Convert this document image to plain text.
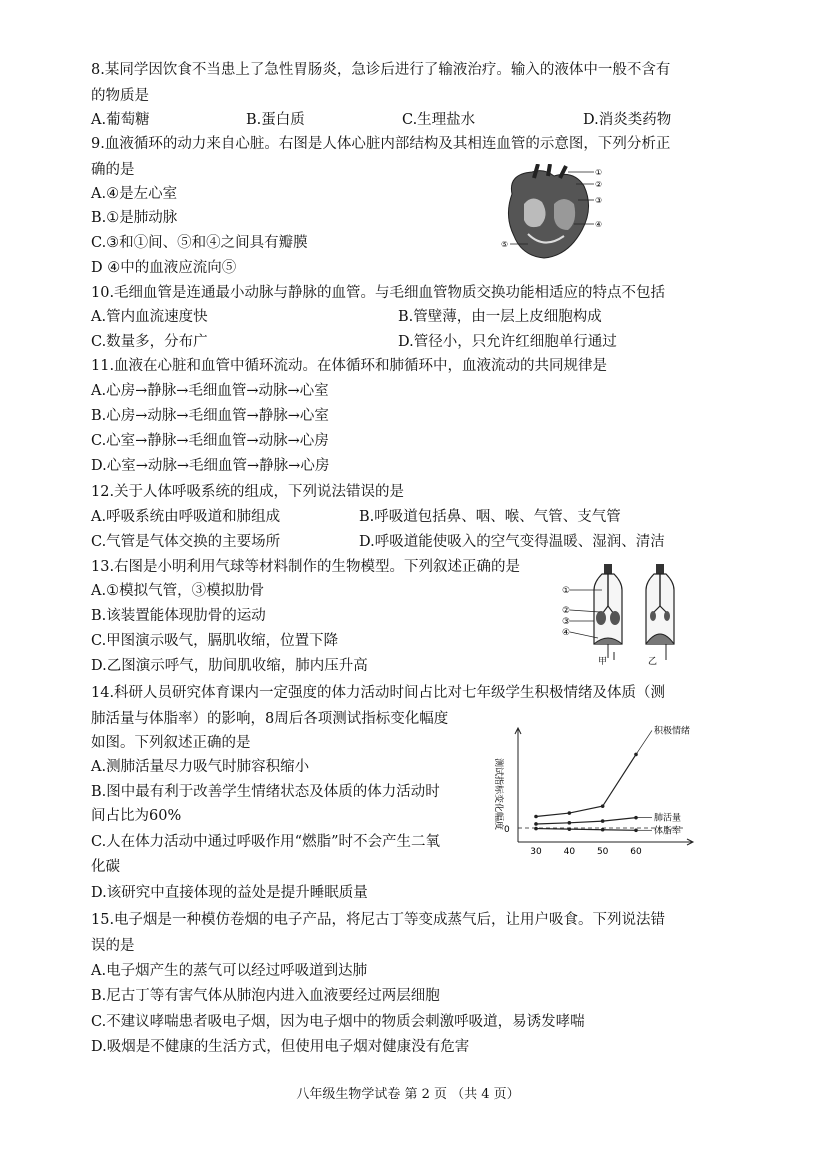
8.某同学因饮食不当患上了急性胃肠炎，急诊后进行了输液治疗。输入的液体中一般不含有
的物质是
A.葡萄糖	B.蛋白质	C.生理盐水	D.消炎类药物
9.血液循环的动力来自心脏。右图是人体心脏内部结构及其相连血管的示意图，下列分析正
确的是
A.④是左心室
B.①是肺动脉
C.③和①间、⑤和④之间具有瓣膜
D ④中的血液应流向⑤
①
②
③
④
⑤
10.毛细血管是连通最小动脉与静脉的血管。与毛细血管物质交换功能相适应的特点不包括
A.管内血流速度快	B.管壁薄，由一层上皮细胞构成
C.数量多，分布广	D.管径小，只允许红细胞单行通过
11.血液在心脏和血管中循环流动。在体循环和肺循环中，血液流动的共同规律是
A.心房→静脉→毛细血管→动脉→心室
B.心房→动脉→毛细血管→静脉→心室
C.心室→静脉→毛细血管→动脉→心房
D.心室→动脉→毛细血管→静脉→心房
12.关于人体呼吸系统的组成，下列说法错误的是
A.呼吸系统由呼吸道和肺组成	B.呼吸道包括鼻、咽、喉、气管、支气管
C.气管是气体交换的主要场所	D.呼吸道能使吸入的空气变得温暖、湿润、清洁
13.右图是小明利用气球等材料制作的生物模型。下列叙述正确的是
A.①模拟气管，③模拟肋骨
B.该装置能体现肋骨的运动
C.甲图演示吸气，膈肌收缩，位置下降
D.乙图演示呼气，肋间肌收缩，肺内压升高
①
②
③
④
甲	乙
14.科研人员研究体育课内一定强度的体力活动时间占比对七年级学生积极情绪及体质（测
肺活量与体脂率）的影响，8周后各项测试指标变化幅度
如图。下列叙述正确的是
A.测肺活量尽力吸气时肺容积缩小
B.图中最有利于改善学生情绪状态及体质的体力活动时
间占比为60%
C.人在体力活动中通过呼吸作用“燃脂”时不会产生二氧
化碳
D.该研究中直接体现的益处是提升睡眠质量
30 40 50 60
测试指标变化幅度 0
积极情绪
肺活量
体脂率
15.电子烟是一种模仿卷烟的电子产品，将尼古丁等变成蒸气后，让用户吸食。下列说法错
误的是
A.电子烟产生的蒸气可以经过呼吸道到达肺
B.尼古丁等有害气体从肺泡内进入血液要经过两层细胞
C.不建议哮喘患者吸电子烟，因为电子烟中的物质会刺激呼吸道，易诱发哮喘
D.吸烟是不健康的生活方式，但使用电子烟对健康没有危害
八年级生物学试卷 第 2 页 （共 4 页）
